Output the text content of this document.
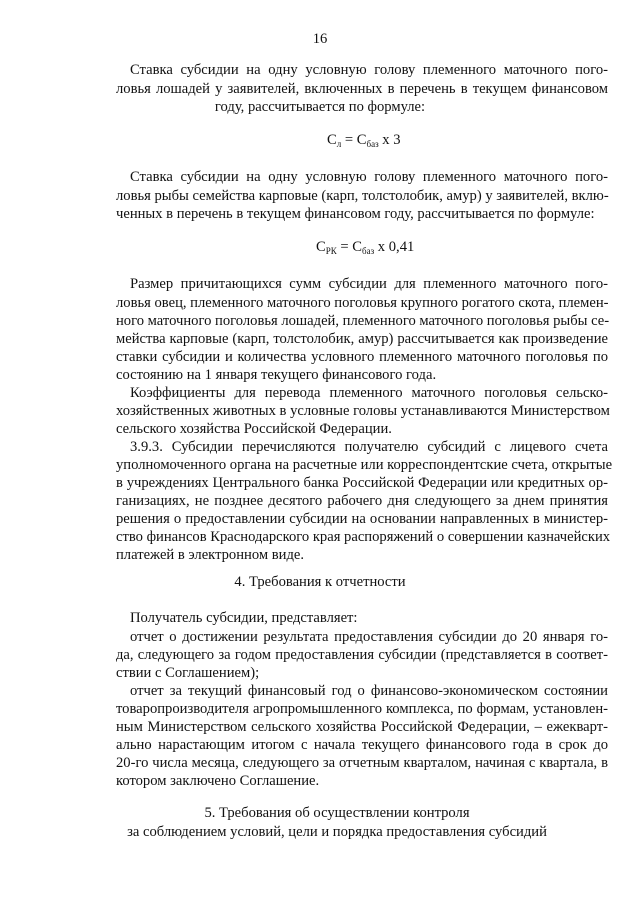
16
Ставка субсидии на одну условную голову племенного маточного пого-
ловья лошадей у заявителей, включенных в перечень в текущем финансовом
году, рассчитывается по формуле:
$С_л = С_{баз}$ х 3
Ставка субсидии на одну условную голову племенного маточного пого-
ловья рыбы семейства карповые (карп, толстолобик, амур) у заявителей, вклю-
ченных в перечень в текущем финансовом году, рассчитывается по формуле:
$С_{РК} = С_{баз}$ х 0,41
Размер причитающихся сумм субсидии для племенного маточного пого-
ловья овец, племенного маточного поголовья крупного рогатого скота, племен-
ного маточного поголовья лошадей, племенного маточного поголовья рыбы се-
мейства карповые (карп, толстолобик, амур) рассчитывается как произведение
ставки субсидии и количества условного племенного маточного поголовья по
состоянию на 1 января текущего финансового года.
Коэффициенты для перевода племенного маточного поголовья сельско-
хозяйственных животных в условные головы устанавливаются Министерством
сельского хозяйства Российской Федерации.
3.9.3. Субсидии перечисляются получателю субсидий с лицевого счета
уполномоченного органа на расчетные или корреспондентские счета, открытые
в учреждениях Центрального банка Российской Федерации или кредитных ор-
ганизациях, не позднее десятого рабочего дня следующего за днем принятия
решения о предоставлении субсидии на основании направленных в министер-
ство финансов Краснодарского края распоряжений о совершении казначейских
платежей в электронном виде.
4. Требования к отчетности
Получатель субсидии, представляет:
отчет о достижении результата предоставления субсидии до 20 января го-
да, следующего за годом предоставления субсидии (представляется в соответ-
ствии с Соглашением);
отчет за текущий финансовый год о финансово-экономическом состоянии
товаропроизводителя агропромышленного комплекса, по формам, установлен-
ным Министерством сельского хозяйства Российской Федерации, – ежекварт-
ально нарастающим итогом с начала текущего финансового года в срок до
20-го числа месяца, следующего за отчетным кварталом, начиная с квартала, в
котором заключено Соглашение.
5. Требования об осуществлении контроля
за соблюдением условий, цели и порядка предоставления субсидий
